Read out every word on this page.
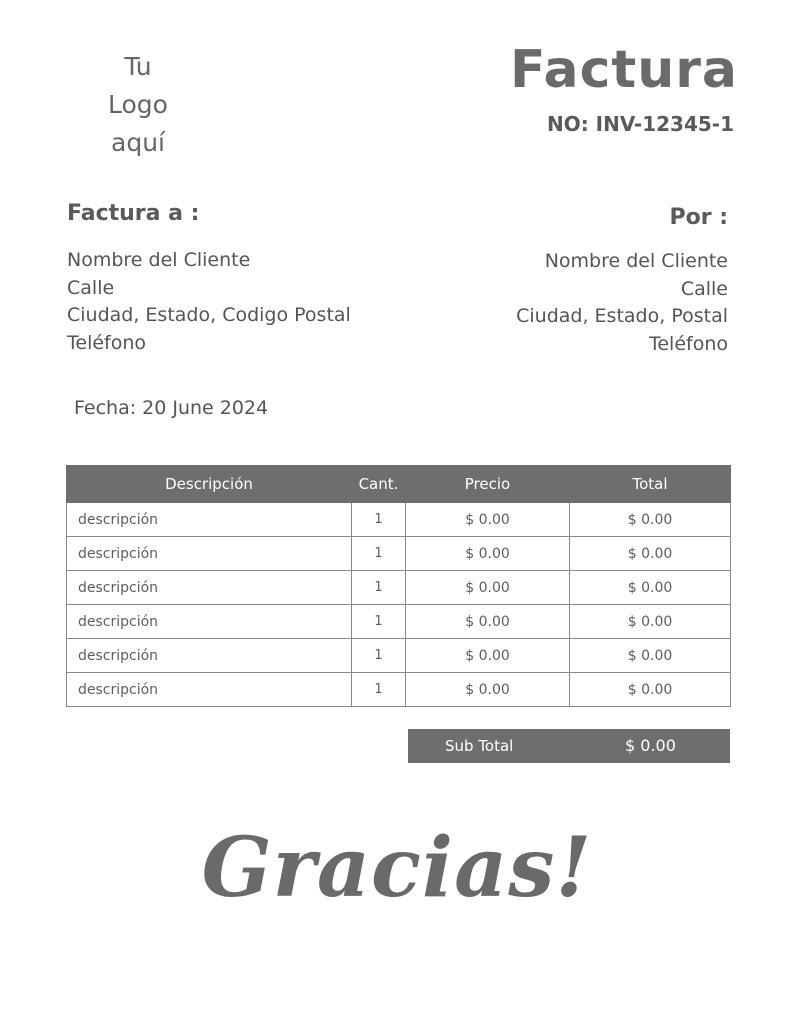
Tu
Logo
aquí
Factura
NO: INV-12345-1
Factura a :
Nombre del Cliente
Calle
Ciudad, Estado, Codigo Postal
Teléfono
Por :
Nombre del Cliente
Calle
Ciudad, Estado, Postal
Teléfono
Fecha: 20 June 2024
Descripción	Cant.	Precio	Total
descripción	1	$ 0.00	$ 0.00
descripción	1	$ 0.00	$ 0.00
descripción	1	$ 0.00	$ 0.00
descripción	1	$ 0.00	$ 0.00
descripción	1	$ 0.00	$ 0.00
descripción	1	$ 0.00	$ 0.00
Sub Total	$ 0.00
Gracias!
